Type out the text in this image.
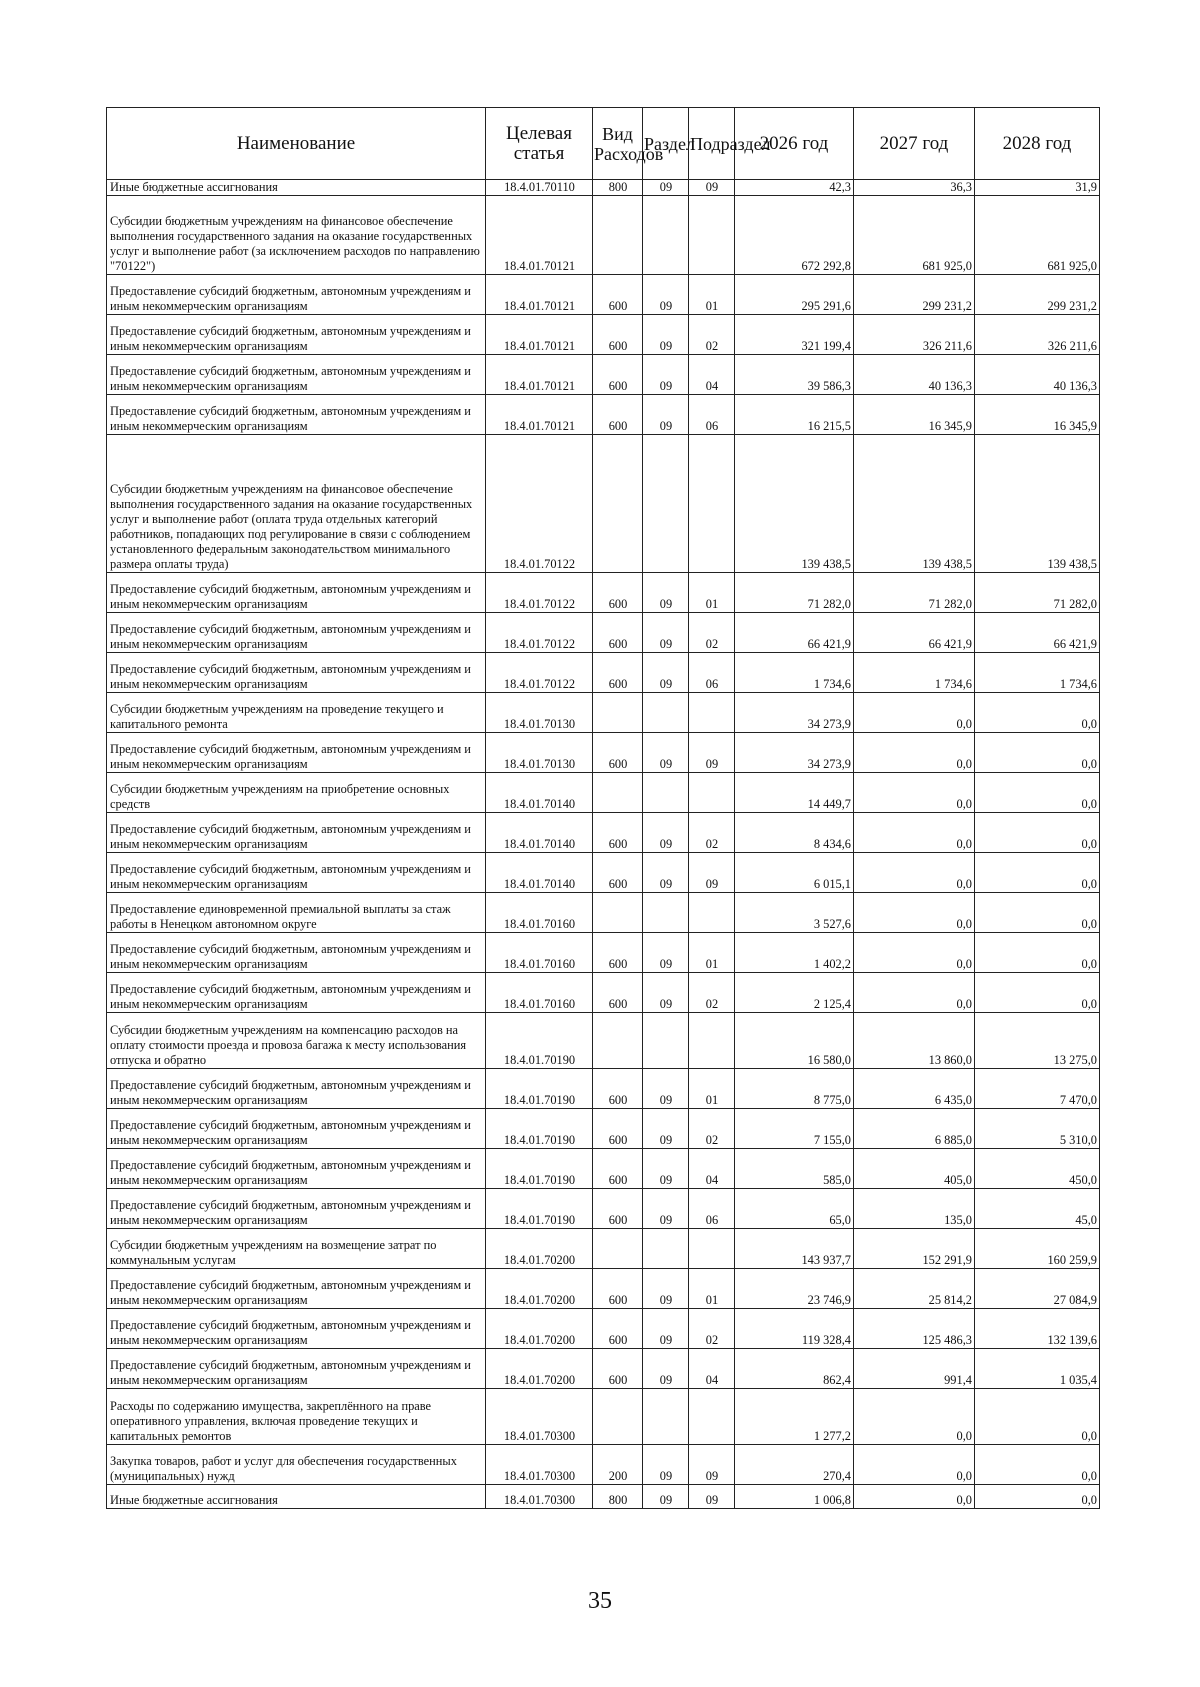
Наименование	Целевая статья	Вид Расходов	Раздел	Подраздел	2026 год	2027 год	2028 год
Иные бюджетные ассигнования	18.4.01.70110	800	09	09	42,3	36,3	31,9
Субсидии бюджетным учреждениям на финансовое обеспечение выполнения государственного задания на оказание государственных услуг и выполнение работ (за исключением расходов по направлению "70122")	18.4.01.70121				672 292,8	681 925,0	681 925,0
Предоставление субсидий бюджетным, автономным учреждениям и иным некоммерческим организациям	18.4.01.70121	600	09	01	295 291,6	299 231,2	299 231,2
Предоставление субсидий бюджетным, автономным учреждениям и иным некоммерческим организациям	18.4.01.70121	600	09	02	321 199,4	326 211,6	326 211,6
Предоставление субсидий бюджетным, автономным учреждениям и иным некоммерческим организациям	18.4.01.70121	600	09	04	39 586,3	40 136,3	40 136,3
Предоставление субсидий бюджетным, автономным учреждениям и иным некоммерческим организациям	18.4.01.70121	600	09	06	16 215,5	16 345,9	16 345,9
Субсидии бюджетным учреждениям на финансовое обеспечение выполнения государственного задания на оказание государственных услуг и выполнение работ (оплата труда отдельных категорий работников, попадающих под регулирование в связи с соблюдением установленного федеральным законодательством минимального размера оплаты труда)	18.4.01.70122				139 438,5	139 438,5	139 438,5
Предоставление субсидий бюджетным, автономным учреждениям и иным некоммерческим организациям	18.4.01.70122	600	09	01	71 282,0	71 282,0	71 282,0
Предоставление субсидий бюджетным, автономным учреждениям и иным некоммерческим организациям	18.4.01.70122	600	09	02	66 421,9	66 421,9	66 421,9
Предоставление субсидий бюджетным, автономным учреждениям и иным некоммерческим организациям	18.4.01.70122	600	09	06	1 734,6	1 734,6	1 734,6
Субсидии бюджетным учреждениям на проведение текущего и капитального ремонта	18.4.01.70130				34 273,9	0,0	0,0
Предоставление субсидий бюджетным, автономным учреждениям и иным некоммерческим организациям	18.4.01.70130	600	09	09	34 273,9	0,0	0,0
Субсидии бюджетным учреждениям на приобретение основных средств	18.4.01.70140				14 449,7	0,0	0,0
Предоставление субсидий бюджетным, автономным учреждениям и иным некоммерческим организациям	18.4.01.70140	600	09	02	8 434,6	0,0	0,0
Предоставление субсидий бюджетным, автономным учреждениям и иным некоммерческим организациям	18.4.01.70140	600	09	09	6 015,1	0,0	0,0
Предоставление единовременной премиальной выплаты за стаж работы в Ненецком автономном округе	18.4.01.70160				3 527,6	0,0	0,0
Предоставление субсидий бюджетным, автономным учреждениям и иным некоммерческим организациям	18.4.01.70160	600	09	01	1 402,2	0,0	0,0
Предоставление субсидий бюджетным, автономным учреждениям и иным некоммерческим организациям	18.4.01.70160	600	09	02	2 125,4	0,0	0,0
Субсидии бюджетным учреждениям на компенсацию расходов на оплату стоимости проезда и провоза багажа к месту использования отпуска и обратно	18.4.01.70190				16 580,0	13 860,0	13 275,0
Предоставление субсидий бюджетным, автономным учреждениям и иным некоммерческим организациям	18.4.01.70190	600	09	01	8 775,0	6 435,0	7 470,0
Предоставление субсидий бюджетным, автономным учреждениям и иным некоммерческим организациям	18.4.01.70190	600	09	02	7 155,0	6 885,0	5 310,0
Предоставление субсидий бюджетным, автономным учреждениям и иным некоммерческим организациям	18.4.01.70190	600	09	04	585,0	405,0	450,0
Предоставление субсидий бюджетным, автономным учреждениям и иным некоммерческим организациям	18.4.01.70190	600	09	06	65,0	135,0	45,0
Субсидии бюджетным учреждениям на возмещение затрат по коммунальным услугам	18.4.01.70200				143 937,7	152 291,9	160 259,9
Предоставление субсидий бюджетным, автономным учреждениям и иным некоммерческим организациям	18.4.01.70200	600	09	01	23 746,9	25 814,2	27 084,9
Предоставление субсидий бюджетным, автономным учреждениям и иным некоммерческим организациям	18.4.01.70200	600	09	02	119 328,4	125 486,3	132 139,6
Предоставление субсидий бюджетным, автономным учреждениям и иным некоммерческим организациям	18.4.01.70200	600	09	04	862,4	991,4	1 035,4
Расходы по содержанию имущества, закреплённого на праве оперативного управления, включая проведение текущих и капитальных ремонтов	18.4.01.70300				1 277,2	0,0	0,0
Закупка товаров, работ и услуг для обеспечения государственных (муниципальных) нужд	18.4.01.70300	200	09	09	270,4	0,0	0,0
Иные бюджетные ассигнования	18.4.01.70300	800	09	09	1 006,8	0,0	0,0
35
